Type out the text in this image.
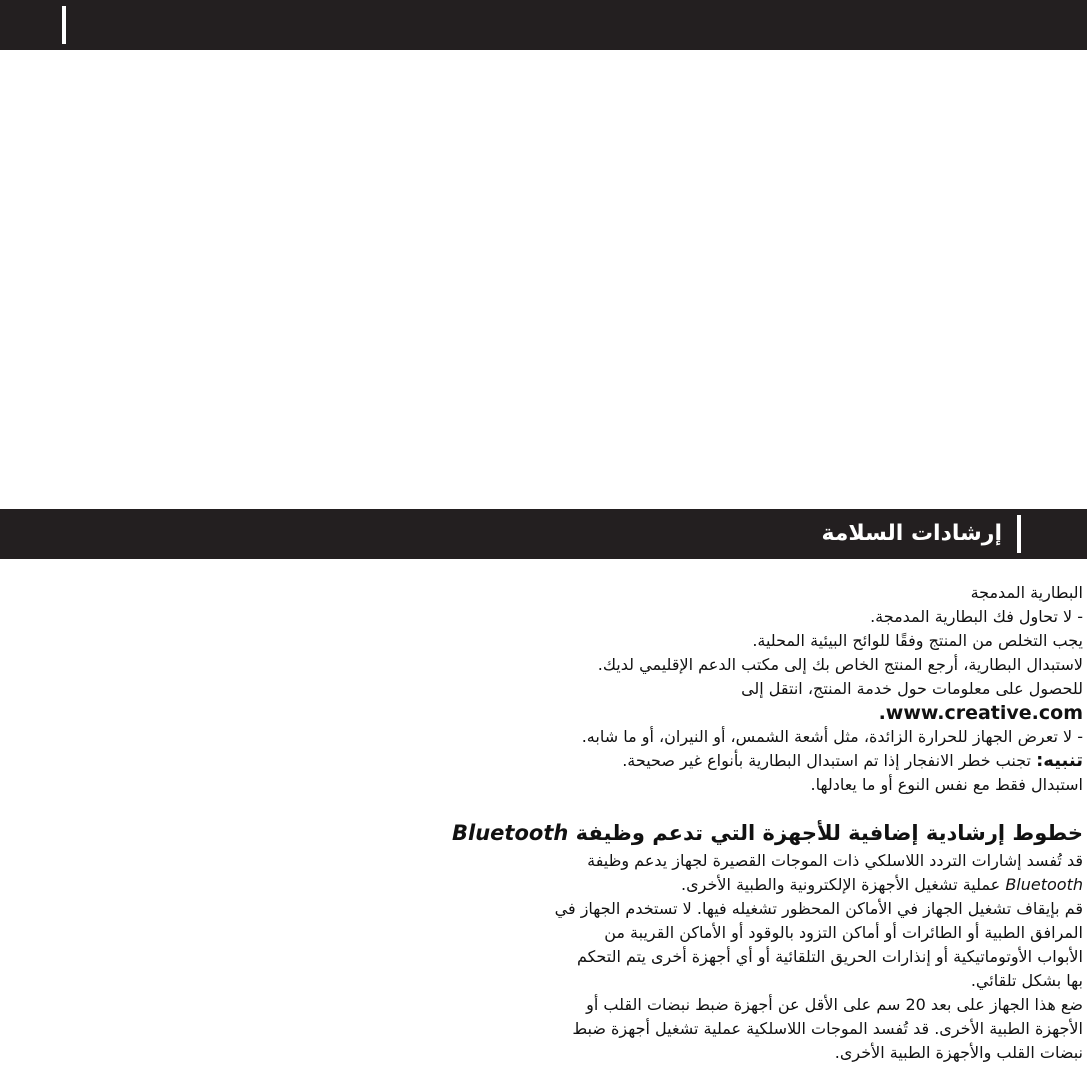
إرشادات السلامة
البطارية المدمجة
- لا تحاول فك البطارية المدمجة.
يجب التخلص من المنتج وفقًا للوائح البيئية المحلية.
لاستبدال البطارية، أرجع المنتج الخاص بك إلى مكتب الدعم الإقليمي لديك.
للحصول على معلومات حول خدمة المنتج، انتقل إلى
www.creative.com.
- لا تعرض الجهاز للحرارة الزائدة، مثل أشعة الشمس، أو النيران، أو ما شابه.
تنبيه: تجنب خطر الانفجار إذا تم استبدال البطارية بأنواع غير صحيحة.
استبدال فقط مع نفس النوع أو ما يعادلها.
خطوط إرشادية إضافية للأجهزة التي تدعم وظيفة Bluetooth
قد تُفسد إشارات التردد اللاسلكي ذات الموجات القصيرة لجهاز يدعم وظيفة
Bluetooth عملية تشغيل الأجهزة الإلكترونية والطبية الأخرى.
قم بإيقاف تشغيل الجهاز في الأماكن المحظور تشغيله فيها. لا تستخدم الجهاز في
المرافق الطبية أو الطائرات أو أماكن التزود بالوقود أو الأماكن القريبة من
الأبواب الأوتوماتيكية أو إنذارات الحريق التلقائية أو أي أجهزة أخرى يتم التحكم
بها بشكل تلقائي.
ضع هذا الجهاز على بعد 20 سم على الأقل عن أجهزة ضبط نبضات القلب أو
الأجهزة الطبية الأخرى. قد تُفسد الموجات اللاسلكية عملية تشغيل أجهزة ضبط
نبضات القلب والأجهزة الطبية الأخرى.
